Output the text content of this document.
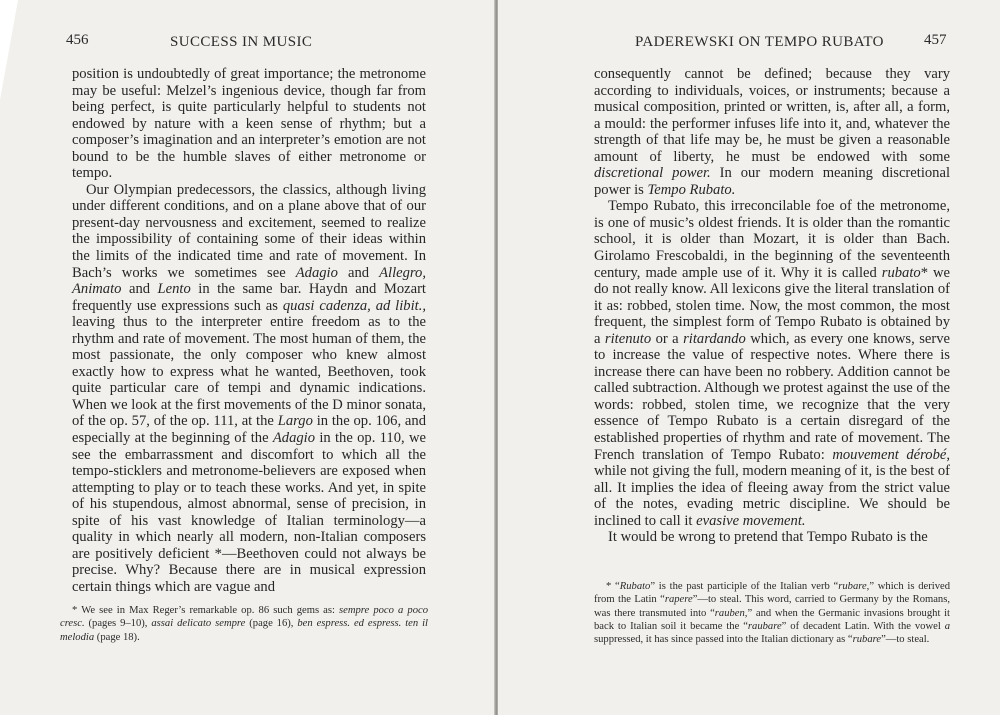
456	SUCCESS IN MUSIC

position is undoubtedly of great importance; the metronome may be useful: Melzel’s ingenious device, though far from being perfect, is quite particularly helpful to students not endowed by nature with a keen sense of rhythm; but a composer’s imagination and an interpreter’s emotion are not bound to be the humble slaves of either metronome or tempo.

Our Olympian predecessors, the classics, although living under different conditions, and on a plane above that of our present-day nervousness and excitement, seemed to realize the impossibility of containing some of their ideas within the limits of the indicated time and rate of movement. In Bach’s works we sometimes see Adagio and Allegro, Animato and Lento in the same bar. Haydn and Mozart frequently use expressions such as quasi cadenza, ad libit., leaving thus to the interpreter entire freedom as to the rhythm and rate of movement. The most human of them, the most passionate, the only composer who knew almost exactly how to express what he wanted, Beethoven, took quite particular care of tempi and dynamic indications. When we look at the first movements of the D minor sonata, of the op. 57, of the op. 111, at the Largo in the op. 106, and especially at the beginning of the Adagio in the op. 110, we see the embarrassment and discomfort to which all the tempo-sticklers and metronome-believers are exposed when attempting to play or to teach these works. And yet, in spite of his stupendous, almost abnormal, sense of precision, in spite of his vast knowledge of Italian terminology—a quality in which nearly all modern, non-Italian composers are positively deficient *—Beethoven could not always be precise. Why? Because there are in musical expression certain things which are vague and

* We see in Max Reger’s remarkable op. 86 such gems as: sempre poco a poco cresc. (pages 9–10), assai delicato sempre (page 16), ben espress. ed espress. ten il melodia (page 18).

PADEREWSKI ON TEMPO RUBATO	457

consequently cannot be defined; because they vary according to individuals, voices, or instruments; because a musical composition, printed or written, is, after all, a form, a mould: the performer infuses life into it, and, whatever the strength of that life may be, he must be given a reasonable amount of liberty, he must be endowed with some discretional power. In our modern meaning discretional power is Tempo Rubato.

Tempo Rubato, this irreconcilable foe of the metronome, is one of music’s oldest friends. It is older than the romantic school, it is older than Mozart, it is older than Bach. Girolamo Frescobaldi, in the beginning of the seventeenth century, made ample use of it. Why it is called rubato* we do not really know. All lexicons give the literal translation of it as: robbed, stolen time. Now, the most common, the most frequent, the simplest form of Tempo Rubato is obtained by a ritenuto or a ritardando which, as every one knows, serve to increase the value of respective notes. Where there is increase there can have been no robbery. Addition cannot be called subtraction. Although we protest against the use of the words: robbed, stolen time, we recognize that the very essence of Tempo Rubato is a certain disregard of the established properties of rhythm and rate of movement. The French translation of Tempo Rubato: mouvement dérobé, while not giving the full, modern meaning of it, is the best of all. It implies the idea of fleeing away from the strict value of the notes, evading metric discipline. We should be inclined to call it evasive movement.

It would be wrong to pretend that Tempo Rubato is the

* “Rubato” is the past participle of the Italian verb “rubare,” which is derived from the Latin “rapere”—to steal. This word, carried to Germany by the Romans, was there transmuted into “rauben,” and when the Germanic invasions brought it back to Italian soil it became the “raubare” of decadent Latin. With the vowel a suppressed, it has since passed into the Italian dictionary as “rubare”—to steal.
